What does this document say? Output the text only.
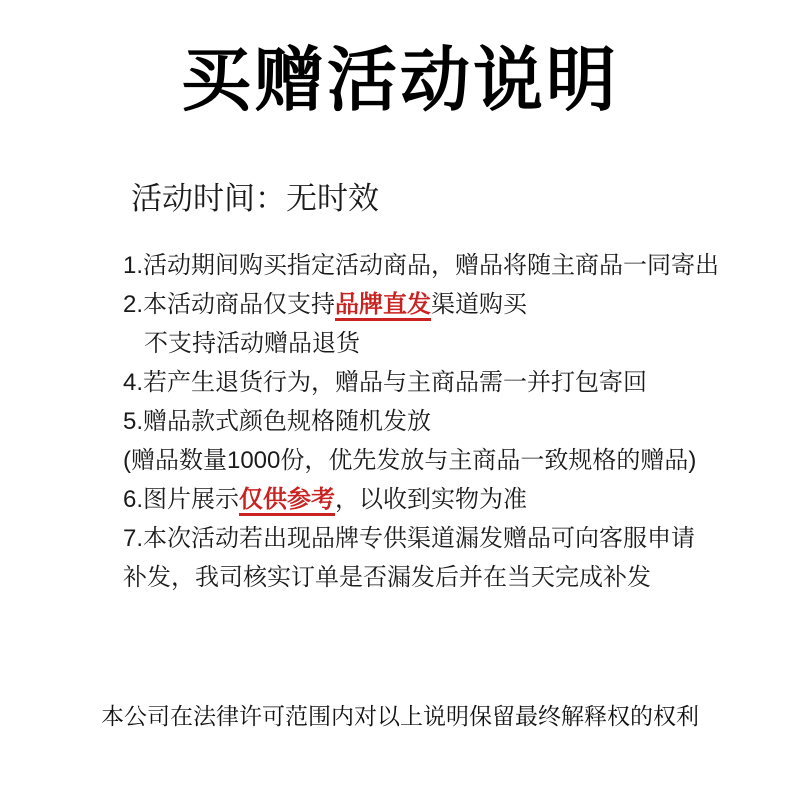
买赠活动说明
活动时间：无时效
1.活动期间购买指定活动商品，赠品将随主商品一同寄出
2.本活动商品仅支持品牌直发渠道购买
不支持活动赠品退货
4.若产生退货行为，赠品与主商品需一并打包寄回
5.赠品款式颜色规格随机发放
(赠品数量1000份，优先发放与主商品一致规格的赠品)
6.图片展示仅供参考，以收到实物为准
7.本次活动若出现品牌专供渠道漏发赠品可向客服申请
补发，我司核实订单是否漏发后并在当天完成补发
本公司在法律许可范围内对以上说明保留最终解释权的权利
